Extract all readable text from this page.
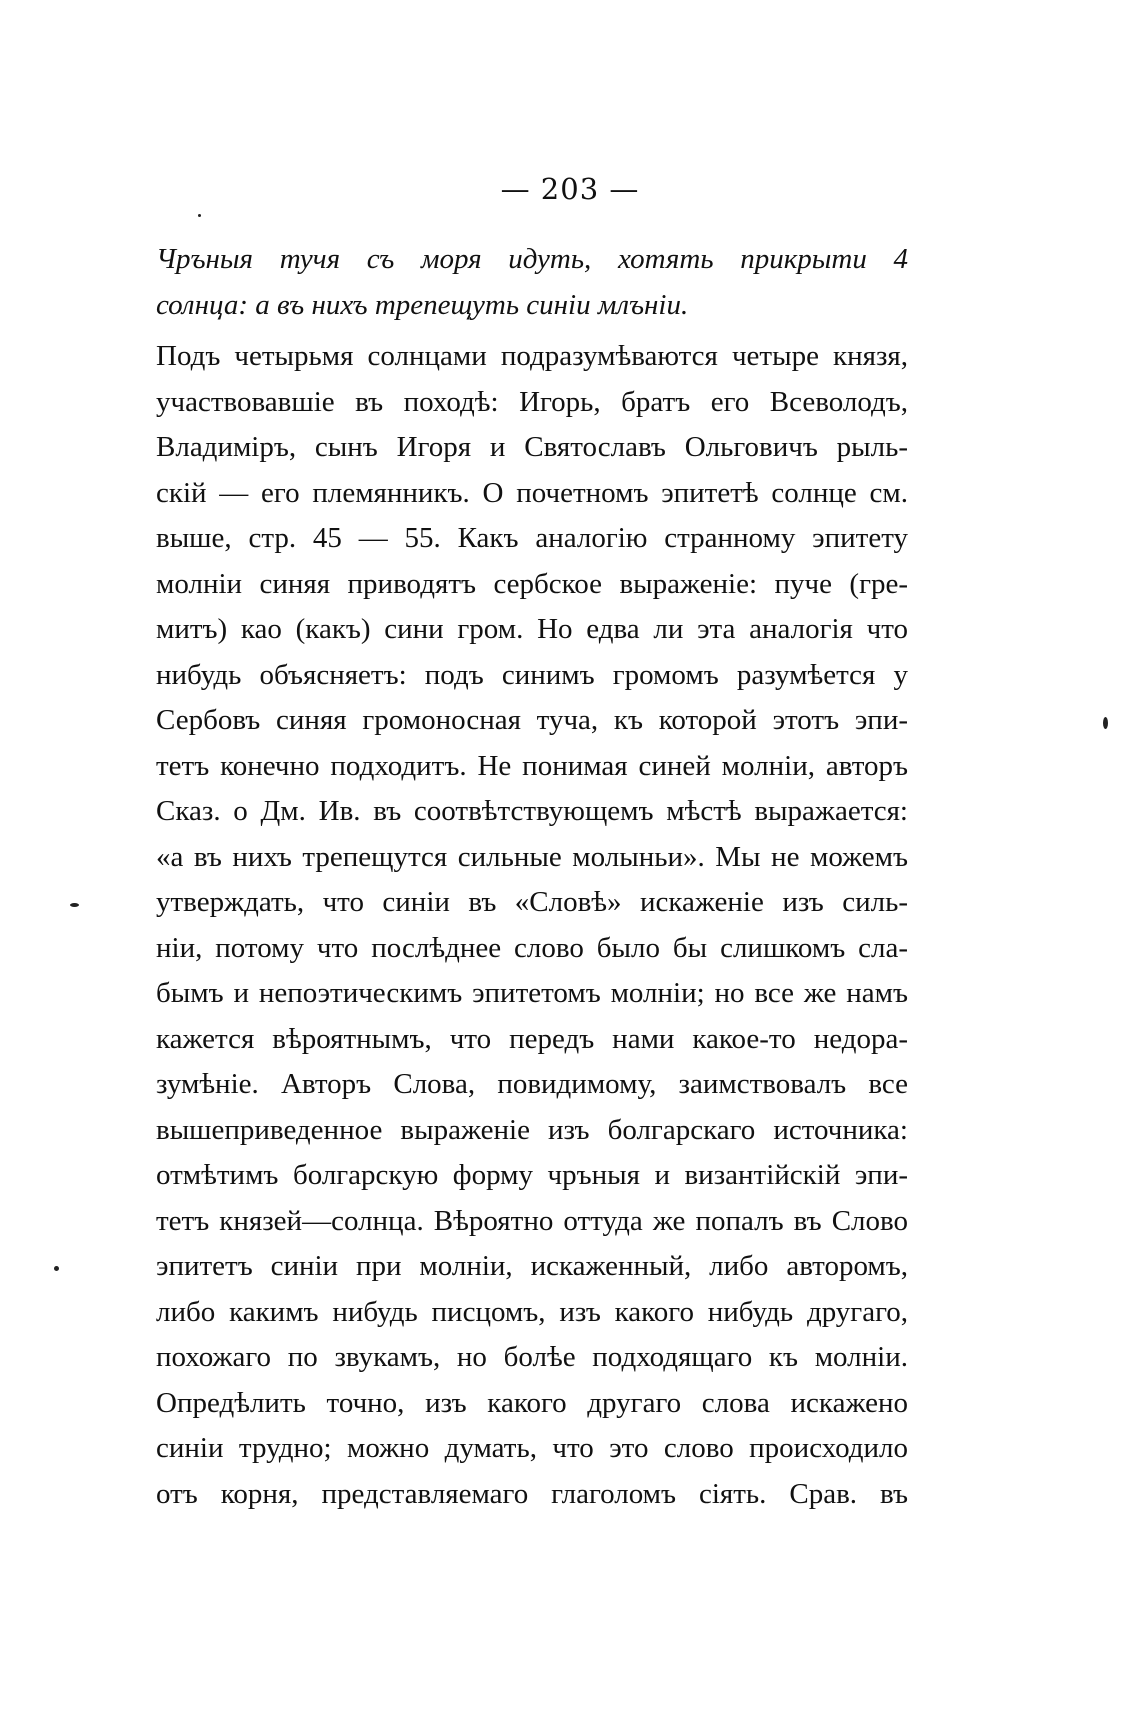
— 203 —
Чръныя тучя съ моря идуть, хотять прикрыти 4
солнца: а въ нихъ трепещуть синіи млъніи.
Подъ четырьмя солнцами подразумѣваются четыре князя,
участвовавшіе въ походѣ: Игорь, братъ его Всеволодъ,
Владиміръ, сынъ Игоря и Святославъ Ольговичъ рыль-
скій — его племянникъ. О почетномъ эпитетѣ солнце см.
выше, стр. 45 — 55. Какъ аналогію странному эпитету
молніи синяя приводятъ сербское выраженіе: пуче (гре-
митъ) као (какъ) сини гром. Но едва ли эта аналогія что
нибудь объясняетъ: подъ синимъ громомъ разумѣется у
Сербовъ синяя громоносная туча, къ которой этотъ эпи-
тетъ конечно подходитъ. Не понимая синей молніи, авторъ
Сказ. о Дм. Ив. въ соотвѣтствующемъ мѣстѣ выражается:
«а въ нихъ трепещутся сильные молыньи». Мы не можемъ
утверждать, что синіи въ «Словѣ» искаженіе изъ силь-
ніи, потому что послѣднее слово было бы слишкомъ сла-
бымъ и непоэтическимъ эпитетомъ молніи; но все же намъ
кажется вѣроятнымъ, что передъ нами какое-то недора-
зумѣніе. Авторъ Слова, повидимому, заимствовалъ все
вышеприведенное выраженіе изъ болгарскаго источника:
отмѣтимъ болгарскую форму чръныя и византійскій эпи-
тетъ князей—солнца. Вѣроятно оттуда же попалъ въ Слово
эпитетъ синіи при молніи, искаженный, либо авторомъ,
либо какимъ нибудь писцомъ, изъ какого нибудь другаго,
похожаго по звукамъ, но болѣе подходящаго къ молніи.
Опредѣлить точно, изъ какого другаго слова искажено
синіи трудно; можно думать, что это слово происходило
отъ корня, представляемаго глаголомъ сіять. Срав. въ
